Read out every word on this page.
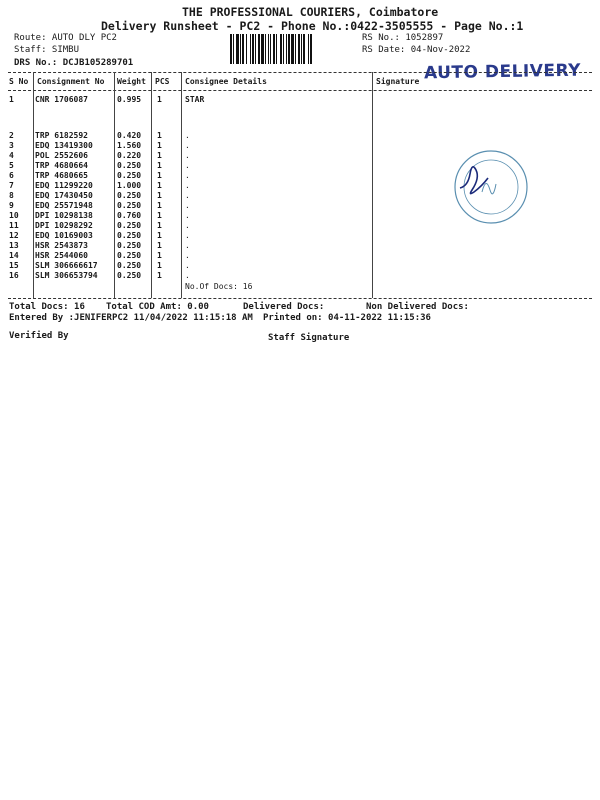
THE PROFESSIONAL COURIERS, Coimbatore
Delivery Runsheet - PC2 - Phone No.:0422-3505555 - Page No.:1
Route: AUTO DLY PC2
Staff: SIMBU
DRS No.: DCJB105289701
RS No.: 1052897
RS Date: 04-Nov-2022
AUTO DELIVERY
S No Consignment No Weight PCS Consignee Details	Signature
1	CNR 1706087	0.995 1	STAR
2	TRP 6182592	0.420 1	.
3	EDQ 13419300	1.560 1	.
4	POL 2552606	0.220 1	.
5	TRP 4680664	0.250 1	.
6	TRP 4680665	0.250 1	.
7	EDQ 11299220	1.000 1	.
8	EDQ 17430450	0.250 1	.
9	EDQ 25571948	0.250 1	.
10 DPI 10298138	0.760 1	.
11 DPI 10298292	0.250 1	.
12 EDQ 10169003	0.250 1	.
13 HSR 2543873	0.250 1	.
14 HSR 2544060	0.250 1	.
15 SLM 306666617 0.250 1	.
16 SLM 306653794 0.250 1	.
No.Of Docs: 16
Total Docs: 16 Total COD Amt: 0.00	Delivered Docs:	Non Delivered Docs:
Entered By :JENIFERPC2 11/04/2022 11:15:18 AM Printed on: 04-11-2022 11:15:36
Verified By	Staff Signature
